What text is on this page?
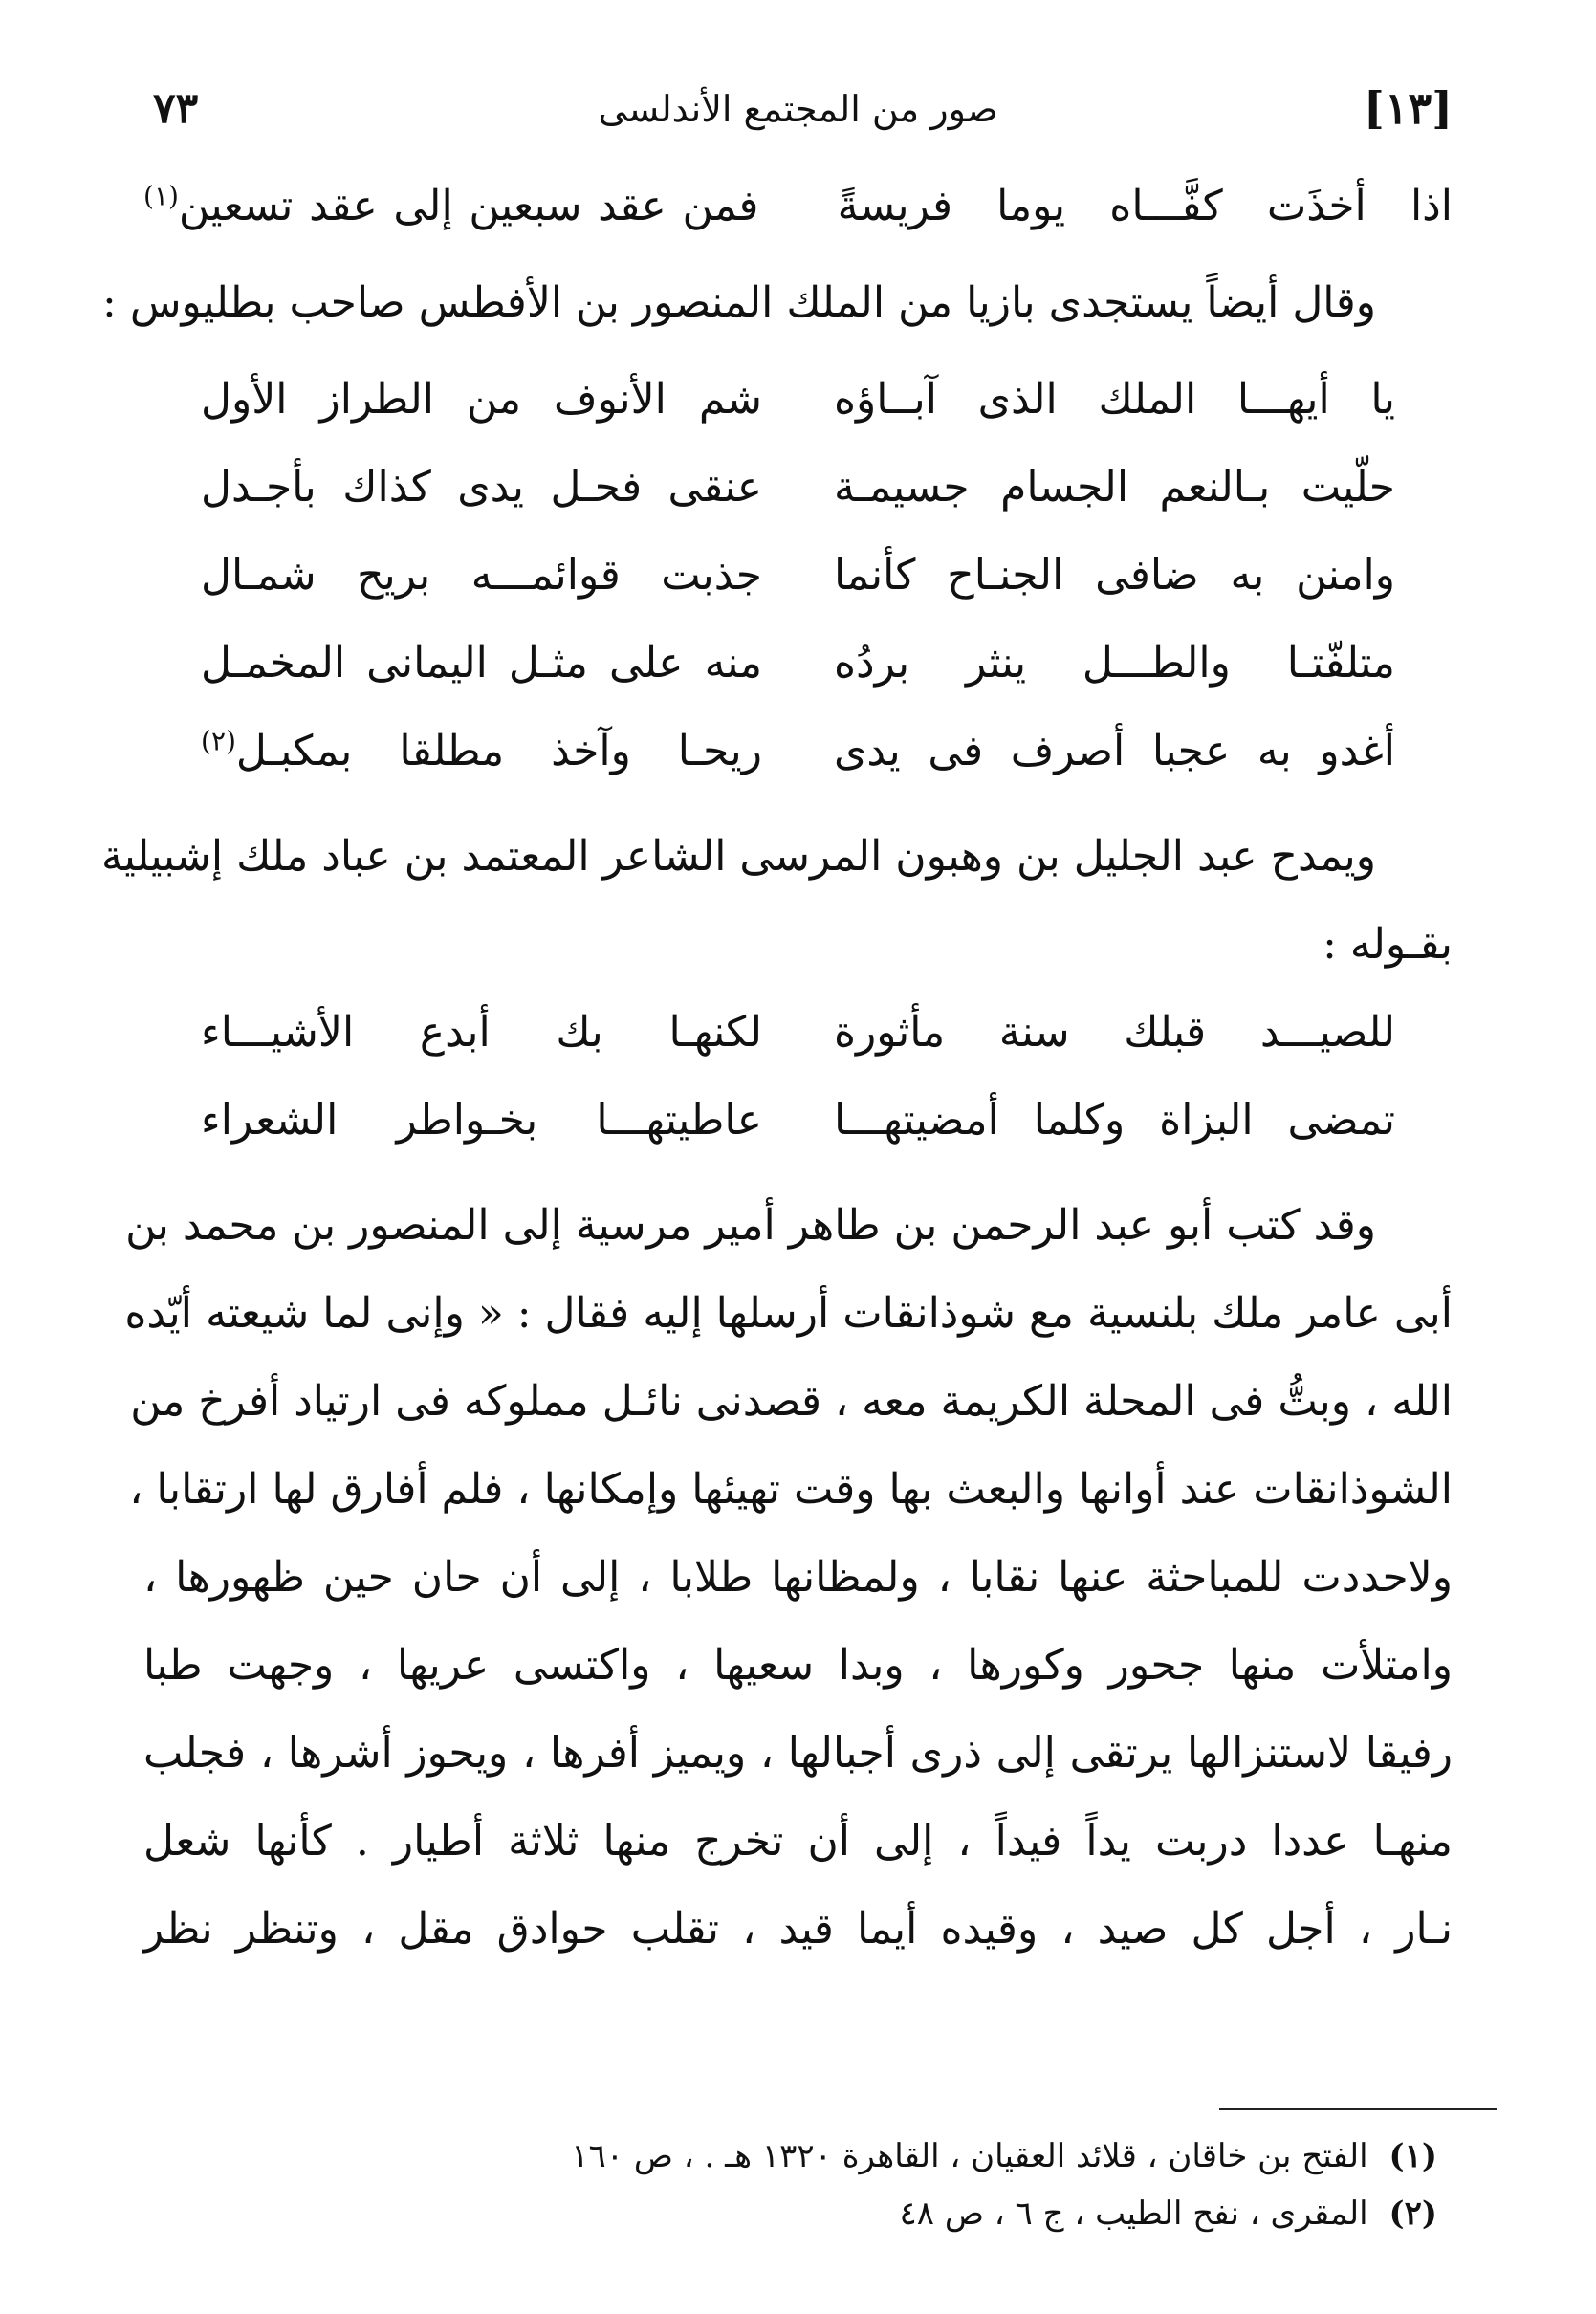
٧٣	صور من المجتمع الأندلسى	[١٣]
اذا أخذَت كفَّـــاه يوما فريسةً
فمن عقد سبعين إلى عقد تسعين$^{(١)}$
وقال أيضاً يستجدى بازيا من الملك المنصور بن الأفطس صاحب بطليوس :
يا أيهـــا الملك الذى آبــاؤه
شم الأنوف من الطراز الأول
حلّيت بـالنعم الجسام جسيمـة
عنقى فحـل يدى كذاك بأجـدل
وامنن به ضافى الجنـاح كأنما
جذبت قوائمـــه بريح شمـال
متلفّتـا والطـــل ينثر بردُه
منه على مثـل اليمانى المخمـل
أغدو به عجبا أصرف فى يدى
ريحـا وآخذ مطلقا بمكبـل$^{(٢)}$
ويمدح عبد الجليل بن وهبون المرسى الشاعر المعتمد بن عباد ملك إشبيلية
بقـوله :
للصيـــد قبلك سنة مأثورة
لكنهـا بك أبدع الأشيـــاء
تمضى البزاة وكلما أمضيتهـــا
عاطيتهـــا بخـواطر الشعراء
وقد كتب أبو عبد الرحمن بن طاهر أمير مرسية إلى المنصور بن محمد بن
أبى عامر ملك بلنسية مع شوذانقات أرسلها إليه فقال : « وإنى لما شيعته أيّده
الله ، وبتُّ فى المحلة الكريمة معه ، قصدنى نائـل مملوكه فى ارتياد أفرخ من
الشوذانقات عند أوانها والبعث بها وقت تهيئها وإمكانها ، فلم أفارق لها ارتقابا ،
ولاحددت للمباحثة عنها نقابا ، ولمظانها طلابا ، إلى أن حان حين ظهورها ،
وامتلأت منها جحور وكورها ، وبدا سعيها ، واكتسى عريها ، وجهت طبا
رفيقا لاستنزالها يرتقى إلى ذرى أجبالها ، ويميز أفرها ، ويحوز أشرها ، فجلب
منهـا عددا دربت يداً فيداً ، إلى أن تخرج منها ثلاثة أطيار . كأنها شعل
نـار ، أجل كل صيد ، وقيده أيما قيد ، تقلب حوادق مقل ، وتنظر نظر
(١)الفتح بن خاقان ، قلائد العقيان ، القاهرة ١٣٢٠ هـ . ، ص ١٦٠
(٢)المقرى ، نفح الطيب ، ج ٦ ، ص ٤٨
